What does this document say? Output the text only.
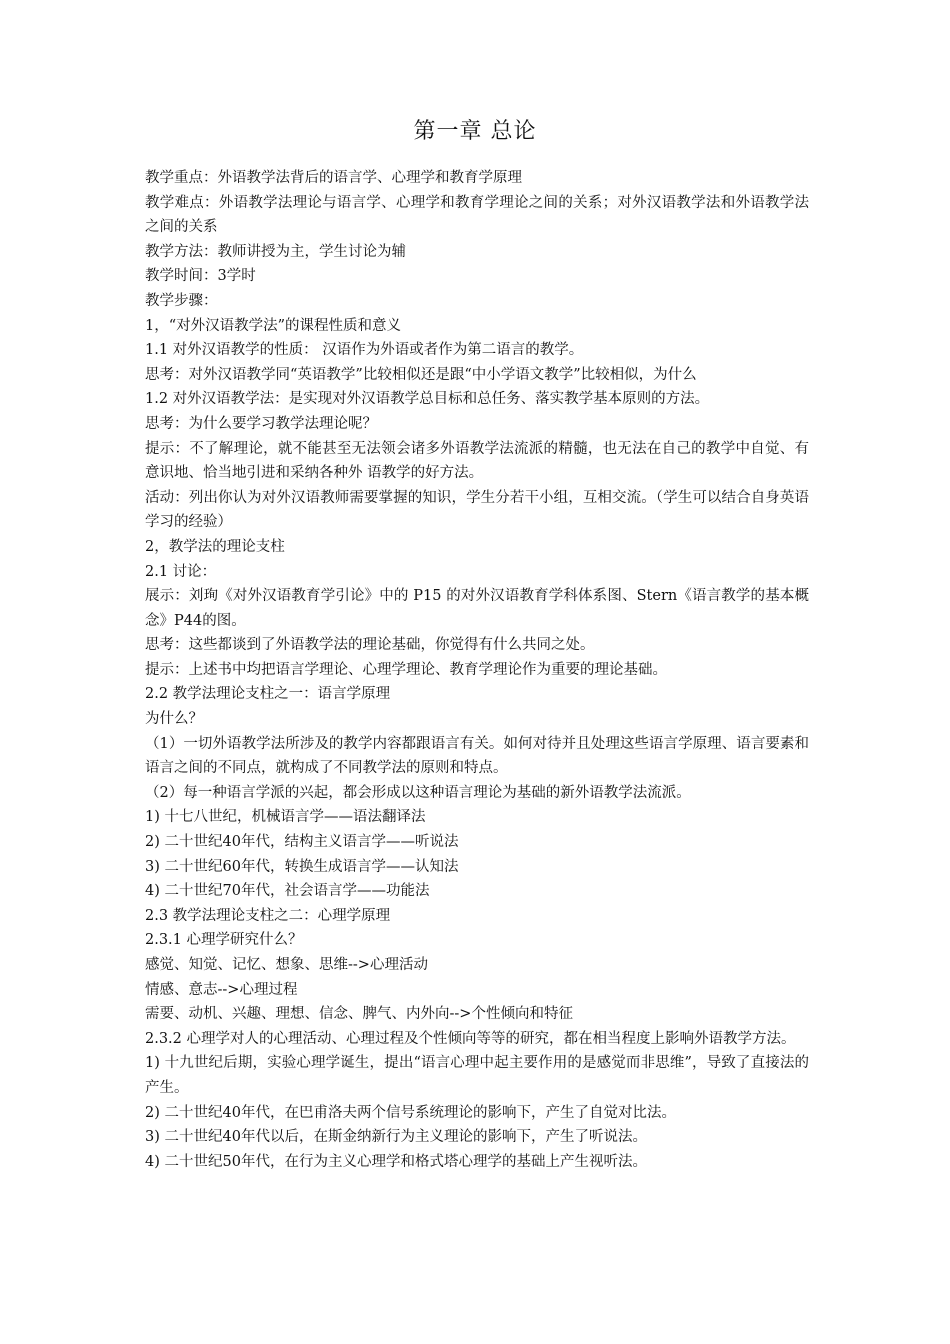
第一章 总论

教学重点：外语教学法背后的语言学、心理学和教育学原理

教学难点：外语教学法理论与语言学、心理学和教育学理论之间的关系；对外汉语教学法和外语教学法之间的关系

教学方法：教师讲授为主，学生讨论为辅

教学时间：3学时

教学步骤：

1，“对外汉语教学法”的课程性质和意义

1.1 对外汉语教学的性质： 汉语作为外语或者作为第二语言的教学。

思考：对外汉语教学同“英语教学”比较相似还是跟“中小学语文教学”比较相似，为什么

1.2 对外汉语教学法：是实现对外汉语教学总目标和总任务、落实教学基本原则的方法。

思考：为什么要学习教学法理论呢？

提示：不了解理论，就不能甚至无法领会诸多外语教学法流派的精髓，也无法在自己的教学中自觉、有意识地、恰当地引进和采纳各种外 语教学的好方法。

活动：列出你认为对外汉语教师需要掌握的知识，学生分若干小组，互相交流。（学生可以结合自身英语学习的经验）

2，教学法的理论支柱

2.1 讨论：

展示：刘珣《对外汉语教育学引论》中的 P15 的对外汉语教育学科体系图、Stern《语言教学的基本概念》P44的图。

思考：这些都谈到了外语教学法的理论基础，你觉得有什么共同之处。

提示：上述书中均把语言学理论、心理学理论、教育学理论作为重要的理论基础。

2.2 教学法理论支柱之一：语言学原理

为什么？

（1）一切外语教学法所涉及的教学内容都跟语言有关。如何对待并且处理这些语言学原理、语言要素和语言之间的不同点，就构成了不同教学法的原则和特点。

（2）每一种语言学派的兴起，都会形成以这种语言理论为基础的新外语教学法流派。

1) 十七八世纪，机械语言学——语法翻译法

2) 二十世纪40年代，结构主义语言学——听说法

3) 二十世纪60年代，转换生成语言学——认知法

4) 二十世纪70年代，社会语言学——功能法

2.3 教学法理论支柱之二：心理学原理

2.3.1 心理学研究什么？

感觉、知觉、记忆、想象、思维-->心理活动

情感、意志-->心理过程

需要、动机、兴趣、理想、信念、脾气、内外向-->个性倾向和特征

2.3.2 心理学对人的心理活动、心理过程及个性倾向等等的研究，都在相当程度上影响外语教学方法。

1) 十九世纪后期，实验心理学诞生，提出“语言心理中起主要作用的是感觉而非思维”，导致了直接法的产生。

2) 二十世纪40年代，在巴甫洛夫两个信号系统理论的影响下，产生了自觉对比法。

3) 二十世纪40年代以后，在斯金纳新行为主义理论的影响下，产生了听说法。

4) 二十世纪50年代，在行为主义心理学和格式塔心理学的基础上产生视听法。
